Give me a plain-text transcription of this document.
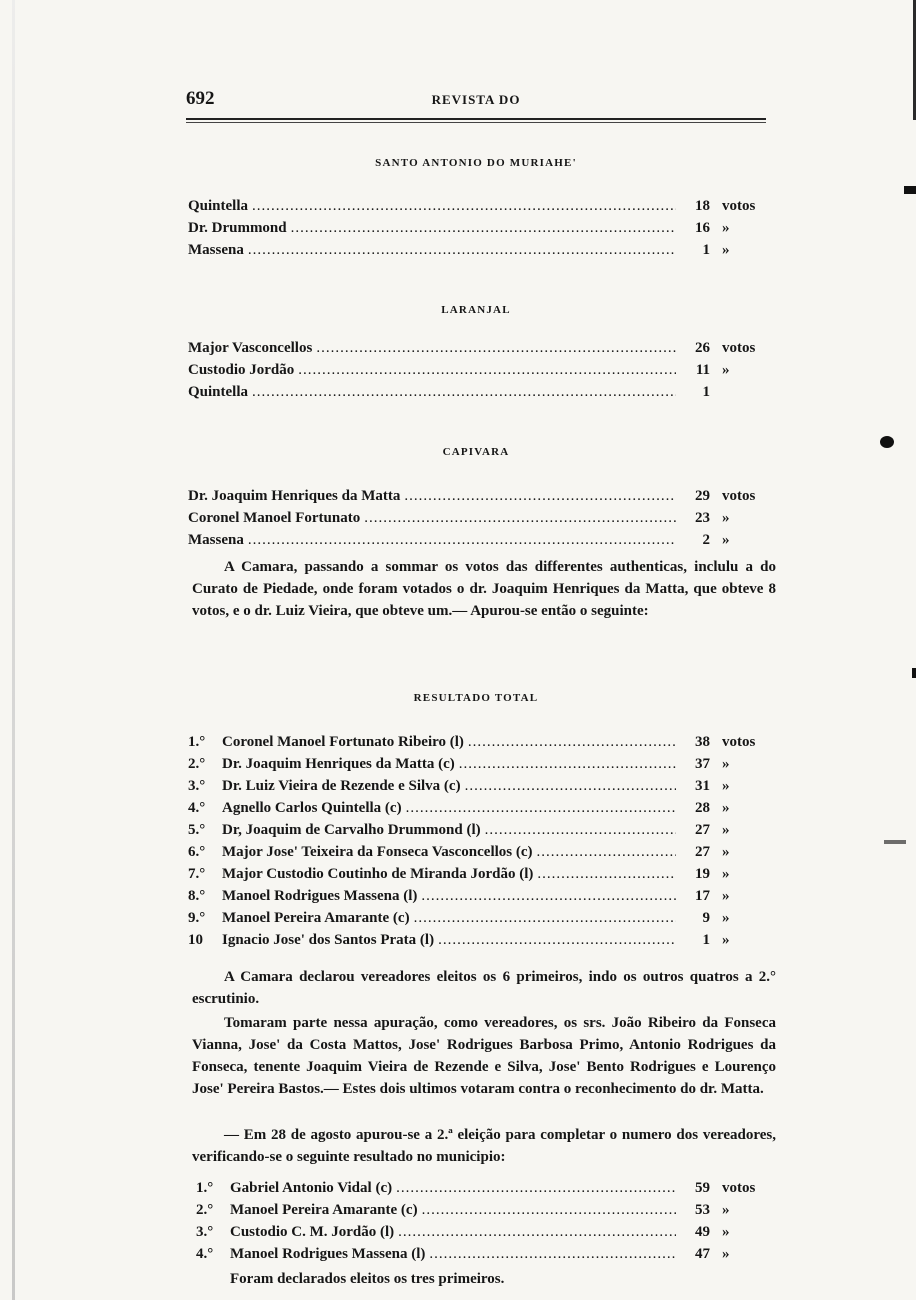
692	REVISTA DO
SANTO ANTONIO DO MURIAHE'
Quintella .....	18 votos
Dr. Drummond .....	16 »
Massena .....	1 »
LARANJAL
Major Vasconcellos .....	26 votos
Custodio Jordão .....	11 »
Quintella .....	1
CAPIVARA
Dr. Joaquim Henriques da Matta .....	29 votos
Coronel Manoel Fortunato .....	23 »
Massena .....	2 »

A Camara, passando a sommar os votos das differentes authenticas, inclulu a do Curato de Piedade, onde foram votados o dr. Joaquim Henriques da Matta, que obteve 8 votos, e o dr. Luiz Vieira, que obteve um.— Apurou-se então o seguinte:

RESULTADO TOTAL
1.°	Coronel Manoel Fortunato Ribeiro (l) .....	38 votos
2.°	Dr. Joaquim Henriques da Matta (c) .....	37 »
3.°	Dr. Luiz Vieira de Rezende e Silva (c) .....	31 »
4.°	Agnello Carlos Quintella (c) .....	28 »
5.°	Dr, Joaquim de Carvalho Drummond (l) .....	27 »
6.°	Major Jose' Teixeira da Fonseca Vasconcellos (c) .....	27 »
7.°	Major Custodio Coutinho de Miranda Jordão (l) .....	19 »
8.°	Manoel Rodrigues Massena (l) .....	17 »
9.°	Manoel Pereira Amarante (c) .....	9 »
10	Ignacio Jose' dos Santos Prata (l) .....	1 »

A Camara declarou vereadores eleitos os 6 primeiros, indo os outros quatros a 2.° escrutinio.

Tomaram parte nessa apuração, como vereadores, os srs. João Ribeiro da Fonseca Vianna, Jose' da Costa Mattos, Jose' Rodrigues Barbosa Primo, Antonio Rodrigues da Fonseca, tenente Joaquim Vieira de Rezende e Silva, Jose' Bento Rodrigues e Lourenço Jose' Pereira Bastos.— Estes dois ultimos votaram contra o reconhecimento do dr. Matta.

— Em 28 de agosto apurou-se a 2.ª eleição para completar o numero dos vereadores, verificando-se o seguinte resultado no municipio:

1.°	Gabriel Antonio Vidal (c) .....	59 votos
2.°	Manoel Pereira Amarante (c) .....	53 »
3.°	Custodio C. M. Jordão (l) .....	49 »
4.°	Manoel Rodrigues Massena (l) .....	47 »

Foram declarados eleitos os tres primeiros.
